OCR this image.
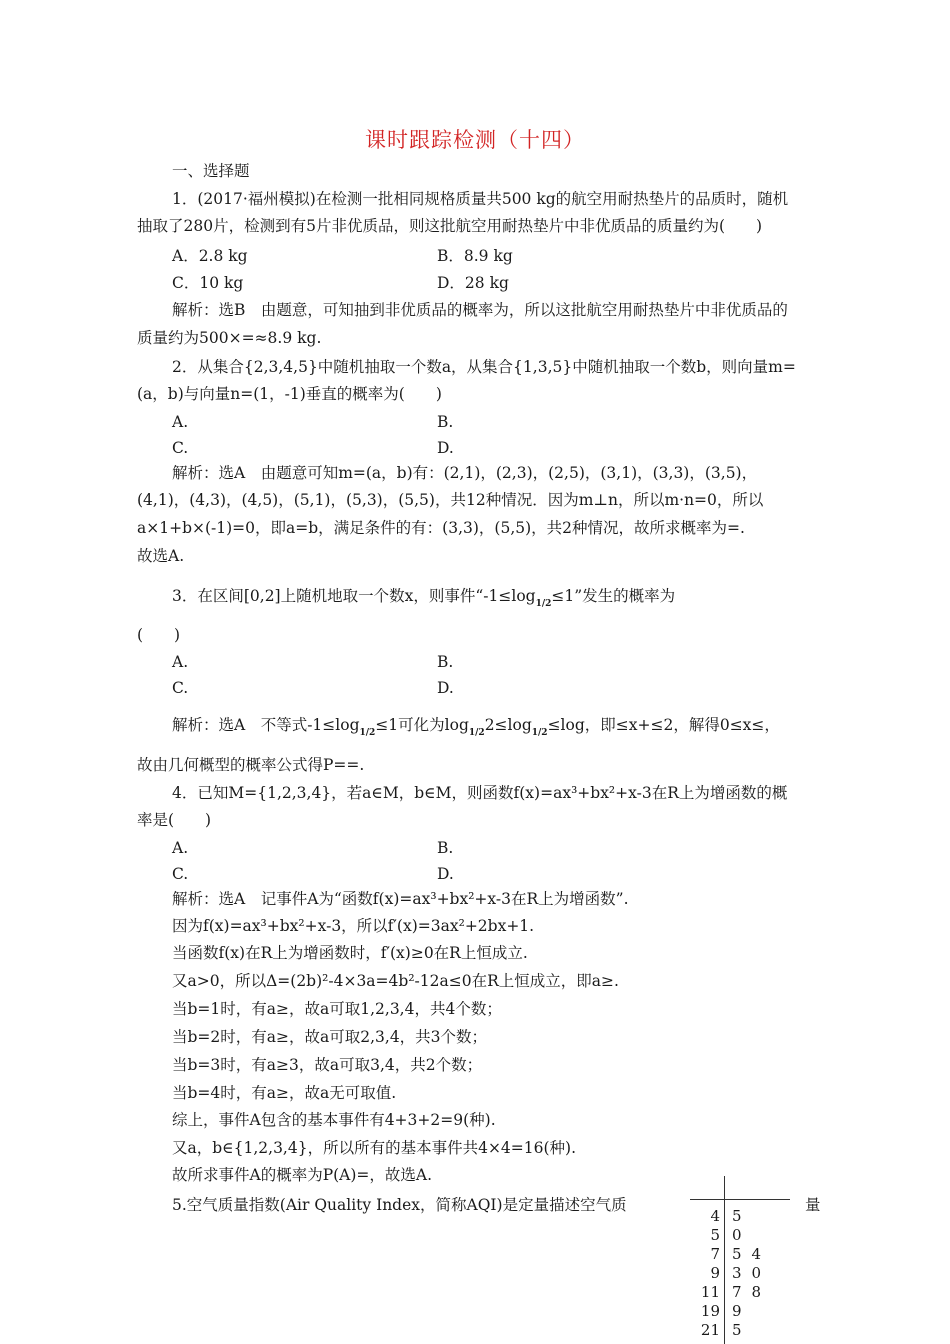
课时跟踪检测（十四）
一、选择题
1．(2017·福州模拟)在检测一批相同规格质量共500 kg的航空用耐热垫片的品质时，随机
抽取了280片，检测到有5片非优质品，则这批航空用耐热垫片中非优质品的质量约为(　　)
A．2.8 kg	B．8.9 kg
C．10 kg	D．28 kg
解析：选B　由题意，可知抽到非优质品的概率为，所以这批航空用耐热垫片中非优质品的
质量约为500×=≈8.9 kg.
2．从集合{2,3,4,5}中随机抽取一个数a，从集合{1,3,5}中随机抽取一个数b，则向量m=
(a，b)与向量n=(1，-1)垂直的概率为(　　)
A.	B.
C.	D.
解析：选A　由题意可知m=(a，b)有：(2,1)，(2,3)，(2,5)，(3,1)，(3,3)，(3,5)，
(4,1)，(4,3)，(4,5)，(5,1)，(5,3)，(5,5)，共12种情况．因为m⊥n，所以m·n=0，所以
a×1+b×(-1)=0，即a=b，满足条件的有：(3,3)，(5,5)，共2种情况，故所求概率为=.
故选A.
3．在区间[0,2]上随机地取一个数x，则事件“$-1\le\log_{1/2}\le 1$”发生的概率为
(　　)
A.	B.
C.	D.
解析：选A　不等式$-1\le\log_{1/2}\le 1$可化为$\log_{1/2}2\le\log_{1/2}\le\log$，即≤x+≤2，解得0≤x≤，
故由几何概型的概率公式得P==.
4．已知M={1,2,3,4}，若a∈M，b∈M，则函数f(x)=ax³+bx²+x-3在R上为增函数的概
率是(　　)
A.	B.
C.	D.
解析：选A　记事件A为“函数f(x)=ax³+bx²+x-3在R上为增函数”.
因为f(x)=ax³+bx²+x-3，所以f′(x)=3ax²+2bx+1.
当函数f(x)在R上为增函数时，f′(x)≥0在R上恒成立.
又a>0，所以Δ=(2b)²-4×3a=4b²-12a≤0在R上恒成立，即a≥.
当b=1时，有a≥，故a可取1,2,3,4，共4个数；
当b=2时，有a≥，故a可取2,3,4，共3个数；
当b=3时，有a≥3，故a可取3,4，共2个数；
当b=4时，有a≥，故a无可取值.
综上，事件A包含的基本事件有4+3+2=9(种).
又a，b∈{1,2,3,4}，所以所有的基本事件共4×4=16(种).
故所求事件A的概率为P(A)=，故选A.
5.空气质量指数(Air Quality Index，简称AQI)是定量描述空气质	量
4 5
5 0
7 54
9 30
11 78
19 9
21 5
